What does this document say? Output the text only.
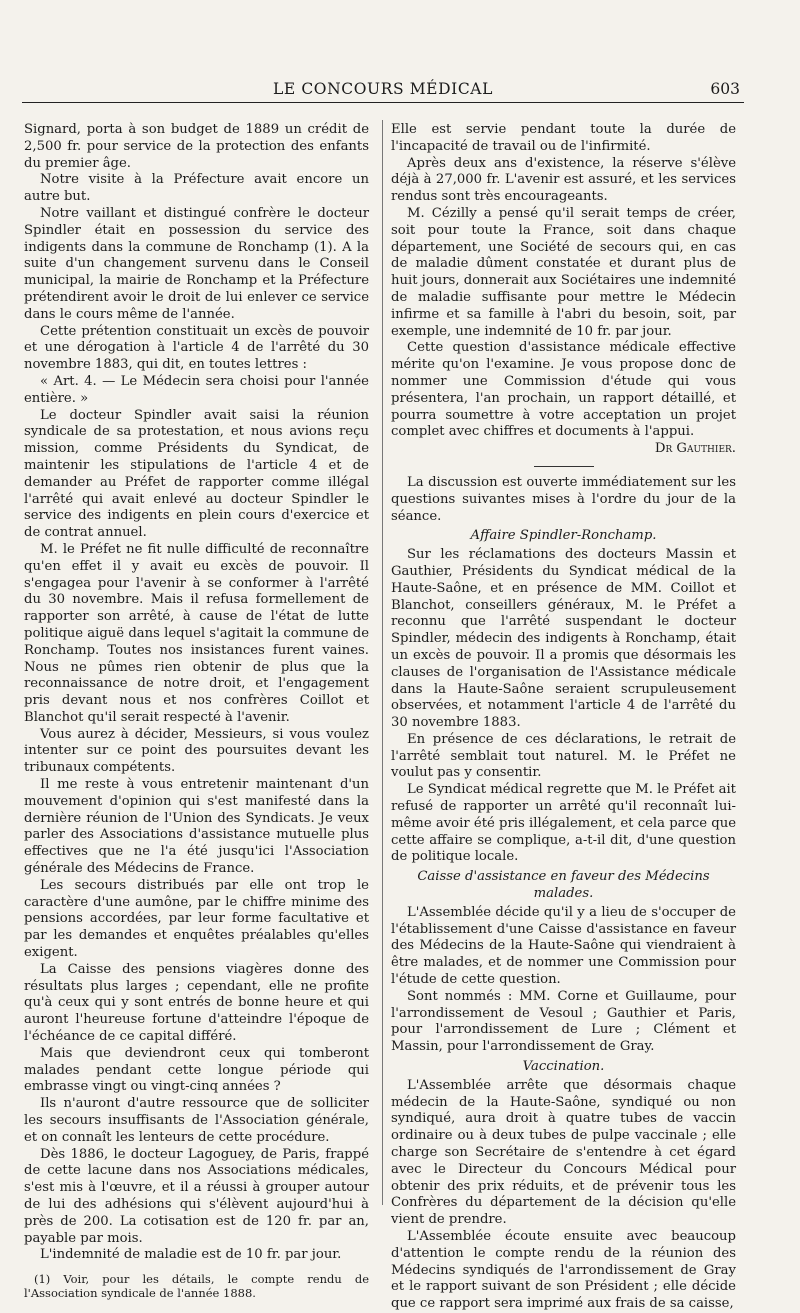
LE CONCOURS MÉDICAL	603

Signard, porta à son budget de 1889 un crédit de 2,500 fr. pour service de la protection des enfants du premier âge.

Notre visite à la Préfecture avait encore un autre but.

Notre vaillant et distingué confrère le docteur Spindler était en possession du service des indigents dans la commune de Ronchamp (1). A la suite d'un changement survenu dans le Conseil municipal, la mairie de Ronchamp et la Préfecture prétendirent avoir le droit de lui enlever ce service dans le cours même de l'année.

Cette prétention constituait un excès de pouvoir et une dérogation à l'article 4 de l'arrêté du 30 novembre 1883, qui dit, en toutes lettres :

« Art. 4. — Le Médecin sera choisi pour l'année entière. »

Le docteur Spindler avait saisi la réunion syndicale de sa protestation, et nous avions reçu mission, comme Présidents du Syndicat, de maintenir les stipulations de l'article 4 et de demander au Préfet de rapporter comme illégal l'arrêté qui avait enlevé au docteur Spindler le service des indigents en plein cours d'exercice et de contrat annuel.

M. le Préfet ne fit nulle difficulté de reconnaître qu'en effet il y avait eu excès de pouvoir. Il s'engagea pour l'avenir à se conformer à l'arrêté du 30 novembre. Mais il refusa formellement de rapporter son arrêté, à cause de l'état de lutte politique aiguë dans lequel s'agitait la commune de Ronchamp. Toutes nos insistances furent vaines. Nous ne pûmes rien obtenir de plus que la reconnaissance de notre droit, et l'engagement pris devant nous et nos confrères Coillot et Blanchot qu'il serait respecté à l'avenir.

Vous aurez à décider, Messieurs, si vous voulez intenter sur ce point des poursuites devant les tribunaux compétents.

Il me reste à vous entretenir maintenant d'un mouvement d'opinion qui s'est manifesté dans la dernière réunion de l'Union des Syndicats. Je veux parler des Associations d'assistance mutuelle plus effectives que ne l'a été jusqu'ici l'Association générale des Médecins de France.

Les secours distribués par elle ont trop le caractère d'une aumône, par le chiffre minime des pensions accordées, par leur forme facultative et par les demandes et enquêtes préalables qu'elles exigent.

La Caisse des pensions viagères donne des résultats plus larges ; cependant, elle ne profite qu'à ceux qui y sont entrés de bonne heure et qui auront l'heureuse fortune d'atteindre l'époque de l'échéance de ce capital différé.

Mais que deviendront ceux qui tomberont malades pendant cette longue période qui embrasse vingt ou vingt-cinq années ?

Ils n'auront d'autre ressource que de solliciter les secours insuffisants de l'Association générale, et on connaît les lenteurs de cette procédure.

Dès 1886, le docteur Lagoguey, de Paris, frappé de cette lacune dans nos Associations médicales, s'est mis à l'œuvre, et il a réussi à grouper autour de lui des adhésions qui s'élèvent aujourd'hui à près de 200. La cotisation est de 120 fr. par an, payable par mois.

L'indemnité de maladie est de 10 fr. par jour.

(1) Voir, pour les détails, le compte rendu de l'Association syndicale de l'année 1888.

Elle est servie pendant toute la durée de l'incapacité de travail ou de l'infirmité.

Après deux ans d'existence, la réserve s'élève déjà à 27,000 fr. L'avenir est assuré, et les services rendus sont très encourageants.

M. Cézilly a pensé qu'il serait temps de créer, soit pour toute la France, soit dans chaque département, une Société de secours qui, en cas de maladie dûment constatée et durant plus de huit jours, donnerait aux Sociétaires une indemnité de maladie suffisante pour mettre le Médecin infirme et sa famille à l'abri du besoin, soit, par exemple, une indemnité de 10 fr. par jour.

Cette question d'assistance médicale effective mérite qu'on l'examine. Je vous propose donc de nommer une Commission d'étude qui vous présentera, l'an prochain, un rapport détaillé, et pourra soumettre à votre acceptation un projet complet avec chiffres et documents à l'appui.

Dr Gauthier.

La discussion est ouverte immédiatement sur les questions suivantes mises à l'ordre du jour de la séance.

Affaire Spindler-Ronchamp.

Sur les réclamations des docteurs Massin et Gauthier, Présidents du Syndicat médical de la Haute-Saône, et en présence de MM. Coillot et Blanchot, conseillers généraux, M. le Préfet a reconnu que l'arrêté suspendant le docteur Spindler, médecin des indigents à Ronchamp, était un excès de pouvoir. Il a promis que désormais les clauses de l'organisation de l'Assistance médicale dans la Haute-Saône seraient scrupuleusement observées, et notamment l'article 4 de l'arrêté du 30 novembre 1883.

En présence de ces déclarations, le retrait de l'arrêté semblait tout naturel. M. le Préfet ne voulut pas y consentir.

Le Syndicat médical regrette que M. le Préfet ait refusé de rapporter un arrêté qu'il reconnaît lui-même avoir été pris illégalement, et cela parce que cette affaire se complique, a-t-il dit, d'une question de politique locale.

Caisse d'assistance en faveur des Médecins malades.

L'Assemblée décide qu'il y a lieu de s'occuper de l'établissement d'une Caisse d'assistance en faveur des Médecins de la Haute-Saône qui viendraient à être malades, et de nommer une Commission pour l'étude de cette question.

Sont nommés : MM. Corne et Guillaume, pour l'arrondissement de Vesoul ; Gauthier et Paris, pour l'arrondissement de Lure ; Clément et Massin, pour l'arrondissement de Gray.

Vaccination.

L'Assemblée arrête que désormais chaque médecin de la Haute-Saône, syndiqué ou non syndiqué, aura droit à quatre tubes de vaccin ordinaire ou à deux tubes de pulpe vaccinale ; elle charge son Secrétaire de s'entendre à cet égard avec le Directeur du Concours Médical pour obtenir des prix réduits, et de prévenir tous les Confrères du département de la décision qu'elle vient de prendre.

L'Assemblée écoute ensuite avec beaucoup d'attention le compte rendu de la réunion des Médecins syndiqués de l'arrondissement de Gray et le rapport suivant de son Président ; elle décide que ce rapport sera imprimé aux frais de sa caisse,
